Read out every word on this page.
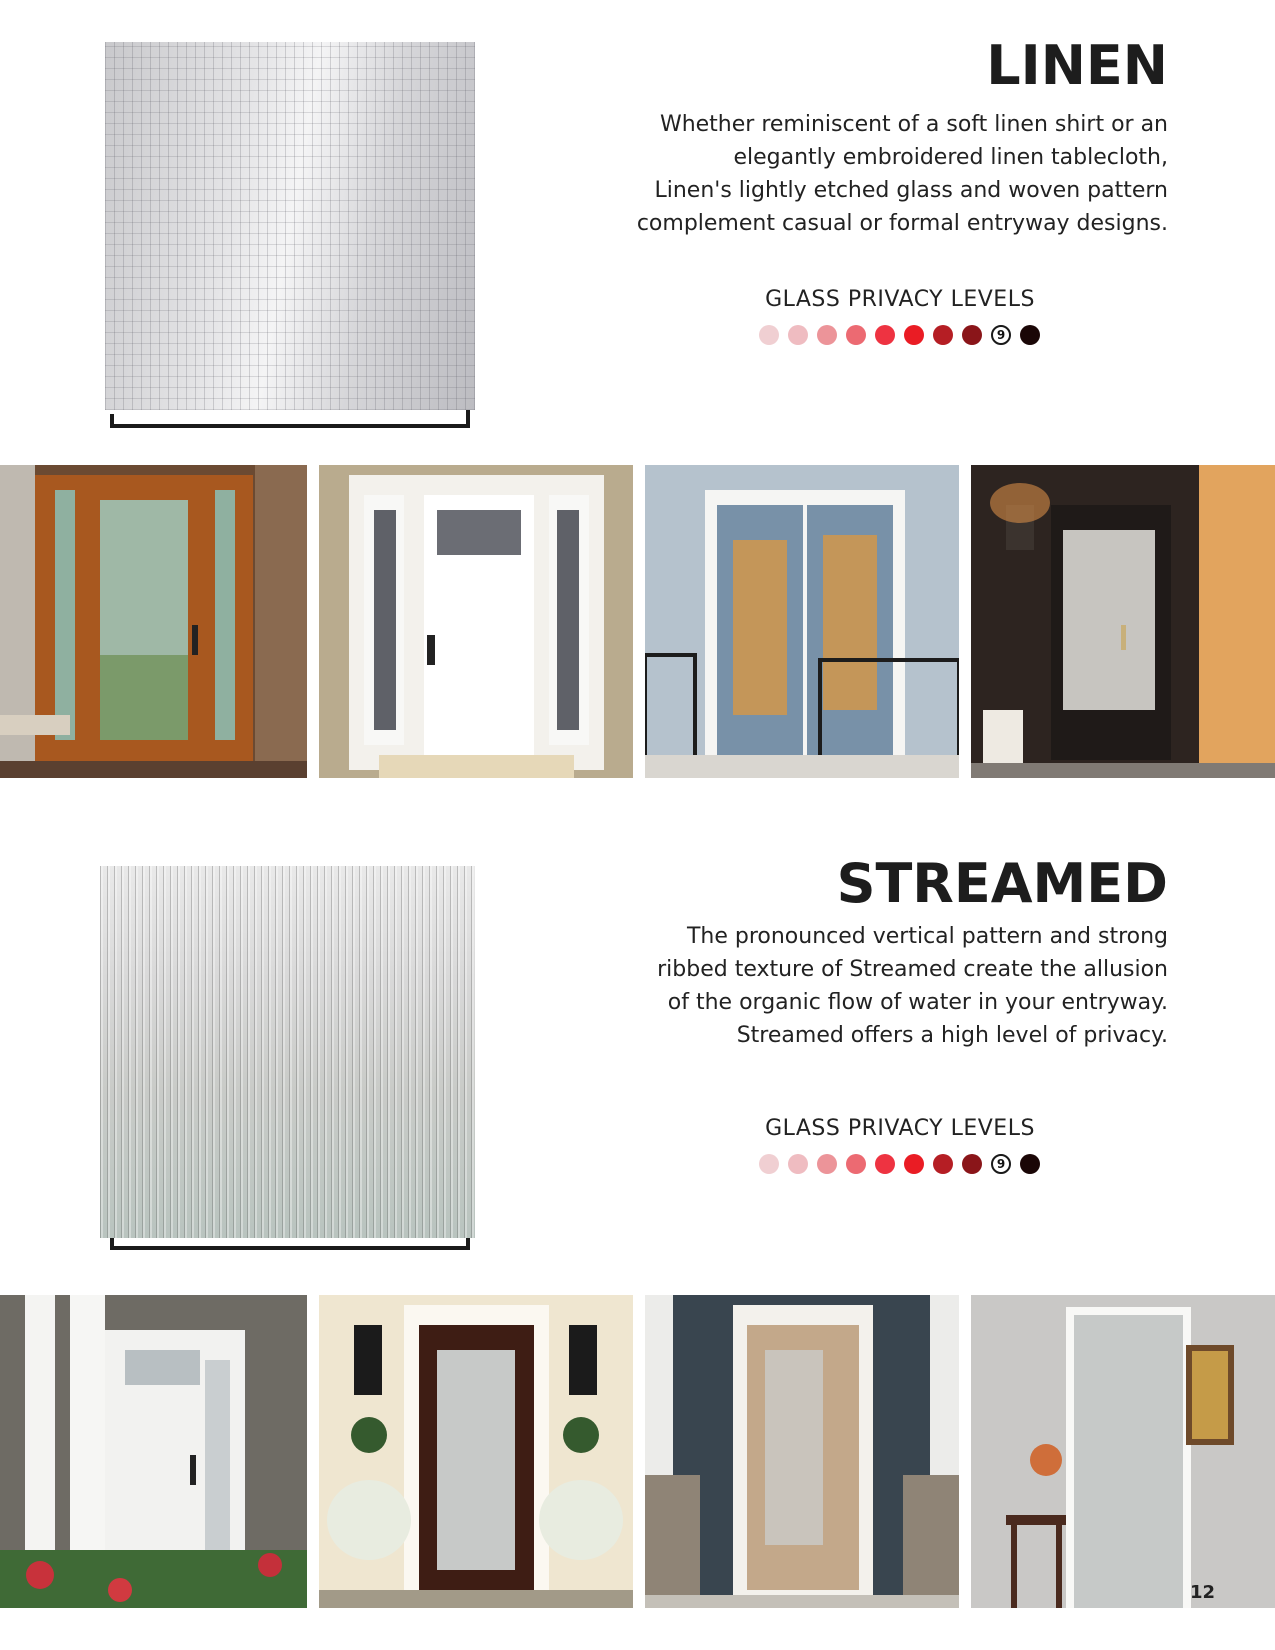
LINEN
Whether reminiscent of a soft linen shirt or an
elegantly embroidered linen tablecloth,
Linen's lightly etched glass and woven pattern
complement casual or formal entryway designs.
GLASS PRIVACY LEVELS
9
STREAMED
The pronounced vertical pattern and strong
ribbed texture of Streamed create the allusion
of the organic flow of water in your entryway.
Streamed offers a high level of privacy.
GLASS PRIVACY LEVELS
9
12
